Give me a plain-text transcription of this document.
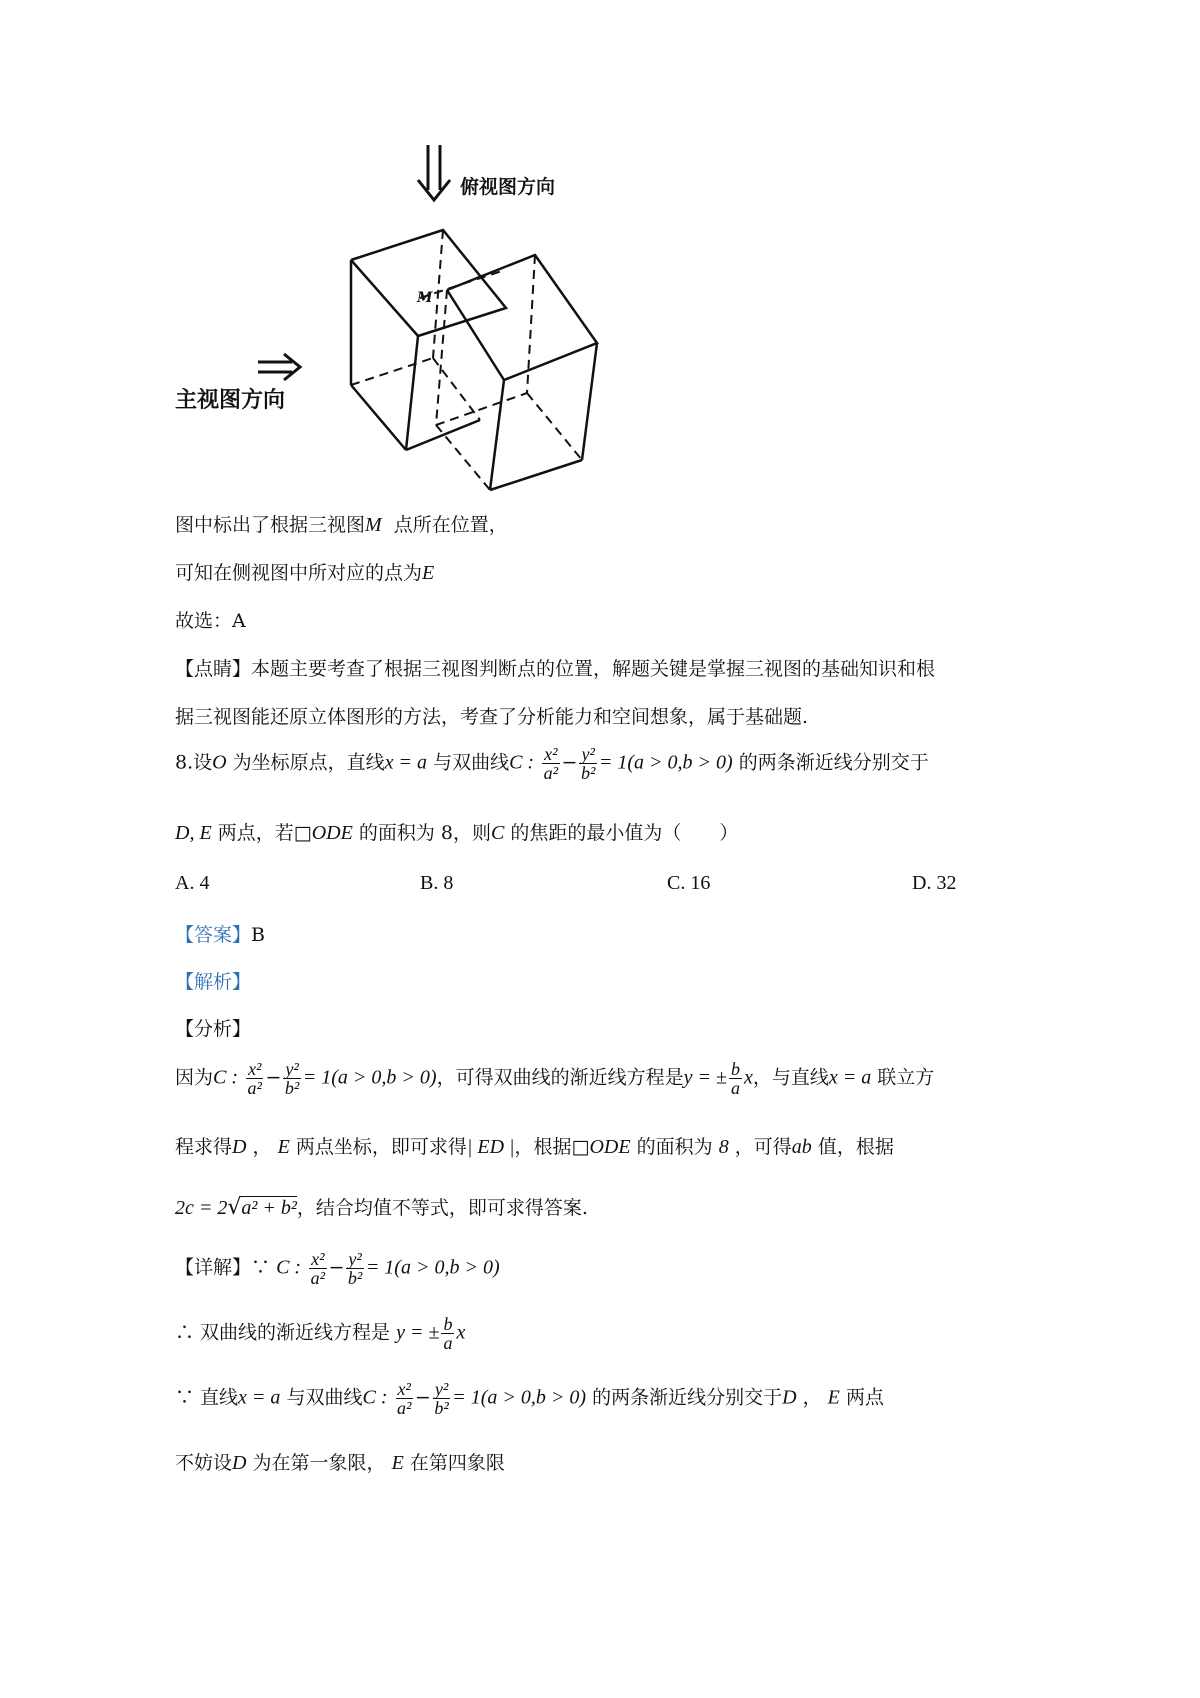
俯视图方向
主视图方向
M
图中标出了根据三视图M 点所在位置，
可知在侧视图中所对应的点为E
故选：A
【点睛】本题主要考查了根据三视图判断点的位置，解题关键是掌握三视图的基础知识和根
据三视图能还原立体图形的方法，考查了分析能力和空间想象，属于基础题.
8.设O 为坐标原点，直线x = a 与双曲线C : $\frac{\text{x²}}{\text{a²}} - \frac{\text{y²}}{\text{b²}} = 1(a > 0,b > 0)$ 的两条渐近线分别交于
D, E 两点，若□ODE 的面积为 8，则C 的焦距的最小值为（　　）
A. 4	B. 8	C. 16	D. 32
【答案】B
【解析】
【分析】
因为C : $\frac{\text{x²}}{\text{a²}} - \frac{\text{y²}}{\text{b²}} = 1(a > 0,b > 0)$，可得双曲线的渐近线方程是y = ± $\frac{b}{a}$ x，与直线x = a 联立方
程求得D ， E 两点坐标，即可求得| ED |，根据□ODE 的面积为 8 ，可得ab 值，根据
2c = 2√a² + b²，结合均值不等式，即可求得答案.
【详解】∵ C : $\frac{\text{x²}}{\text{a²}} - \frac{\text{y²}}{\text{b²}} = 1(a > 0,b > 0)$
∴ 双曲线的渐近线方程是 y = ± $\frac{b}{a}$ x
∵ 直线x = a 与双曲线C : $\frac{\text{x²}}{\text{a²}} - \frac{\text{y²}}{\text{b²}} = 1(a > 0,b > 0)$ 的两条渐近线分别交于D ， E 两点
不妨设D 为在第一象限， E 在第四象限
